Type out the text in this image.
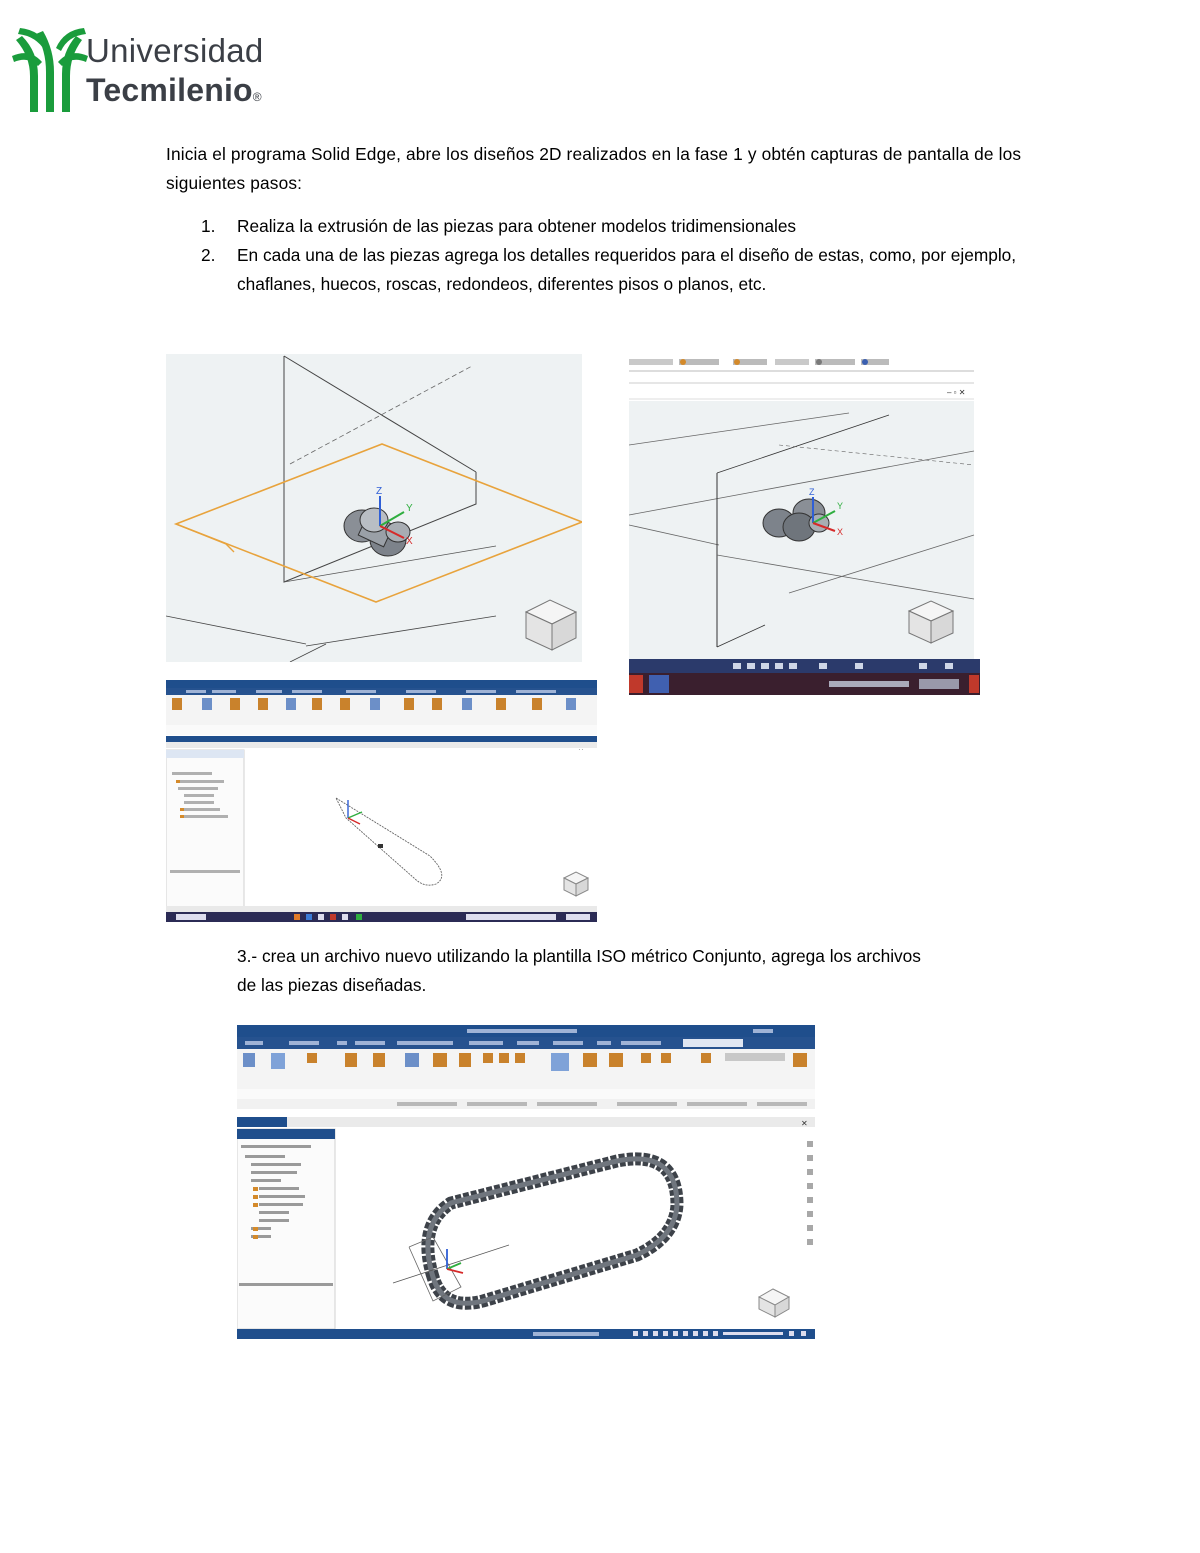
Universidad
Tecmilenio®
Inicia el programa Solid Edge, abre los diseños 2D realizados en la fase 1 y obtén capturas de pantalla de los siguientes pasos:
1. Realiza la extrusión de las piezas para obtener modelos tridimensionales
2. En cada una de las piezas agrega los detalles requeridos para el diseño de estas, como, por ejemplo, chaflanes, huecos, roscas, redondeos, diferentes pisos o planos, etc.
Z
Y
X
– ▫ ✕
Z
Y
X
3.- crea un archivo nuevo utilizando la plantilla ISO métrico Conjunto, agrega los archivos
de las piezas diseñadas.
✕
